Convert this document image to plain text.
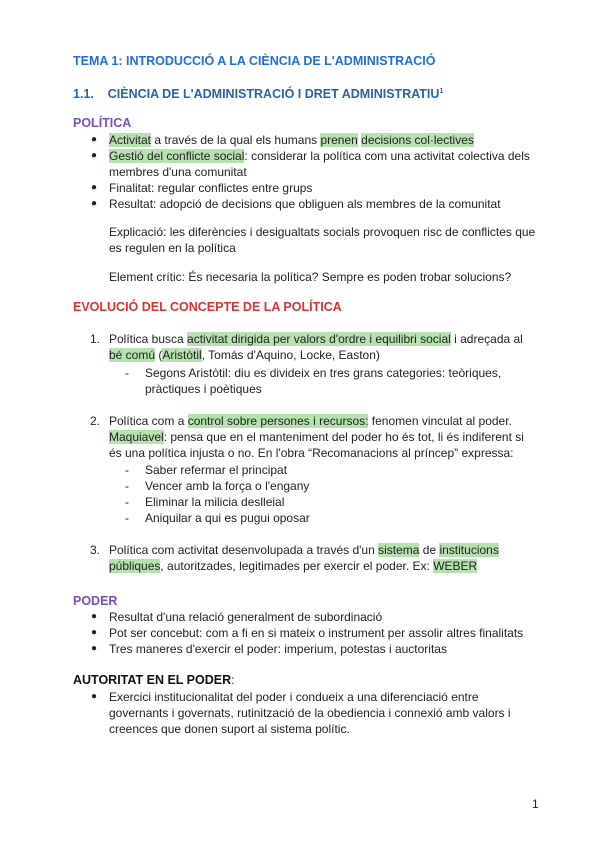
TEMA 1: INTRODUCCIÓ A LA CIÈNCIA DE L'ADMINISTRACIÓ
1.1. CIÈNCIA DE L'ADMINISTRACIÓ I DRET ADMINISTRATIU$^1$
POLÍTICA
● Activitat a través de la qual els humans prenen decisions col·lectives
● Gestió del conflicte social: considerar la política com una activitat colectiva dels
membres d'una comunitat
● Finalitat: regular conflictes entre grups
● Resultat: adopció de decisions que obliguen als membres de la comunitat
Explicació: les diferències i desigualtats socials provoquen risc de conflictes que
es regulen en la política
Element crític: És necesaria la política? Sempre es poden trobar solucions?
EVOLUCIÓ DEL CONCEPTE DE LA POLÍTICA
1. Política busca activitat dirigida per valors d'ordre i equilibri social i adreçada al
bé comú (Aristòtil, Tomás d'Aquino, Locke, Easton)
- Segons Aristòtil: diu es divideix en tres grans categories: teòriques,
pràctiques i poètiques
2. Política com a control sobre persones i recursos: fenomen vinculat al poder.
Maquiavel: pensa que en el manteniment del poder ho és tot, li és indiferent si
és una política injusta o no. En l'obra “Recomanacions al príncep” expressa:
- Saber refermar el principat
- Vencer amb la força o l'engany
- Eliminar la milicia deslleial
- Aniquilar a qui es pugui oposar
3. Política com activitat desenvolupada a través d'un sistema de institucions
públiques, autoritzades, legitimades per exercir el poder. Ex: WEBER
PODER
● Resultat d'una relació generalment de subordinació
● Pot ser concebut: com a fi en si mateix o instrument per assolir altres finalitats
● Tres maneres d'exercir el poder: imperium, potestas i auctoritas
AUTORITAT EN EL PODER:
● Exercici institucionalitat del poder i condueix a una diferenciació entre
governants i governats, rutinització de la obediencia i connexió amb valors i
creences que donen suport al sistema polític.
1
